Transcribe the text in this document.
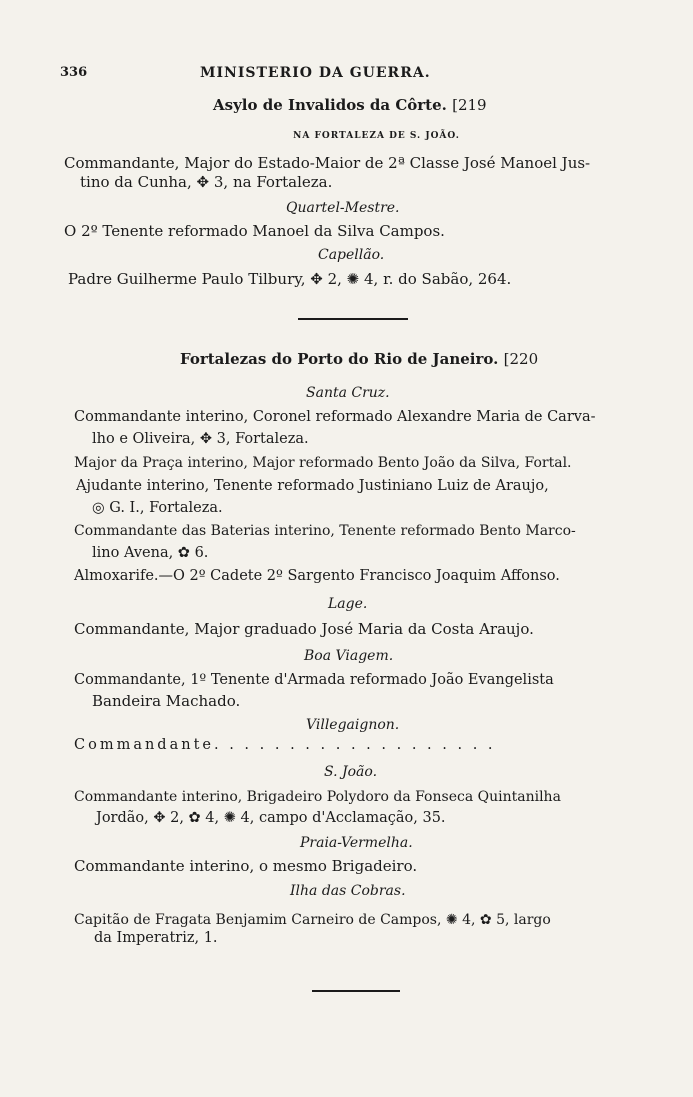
336	MINISTERIO DA GUERRA.
Asylo de Invalidos da Côrte. [219
NA FORTALEZA DE S. JOÃO.
Commandante, Major do Estado-Maior de 2ª Classe José Manoel Jus-
tino da Cunha, ✥ 3, na Fortaleza.
Quartel-Mestre.
O 2º Tenente reformado Manoel da Silva Campos.
Capellão.
Padre Guilherme Paulo Tilbury, ✥ 2, ✺ 4, r. do Sabão, 264.
Fortalezas do Porto do Rio de Janeiro. [220
Santa Cruz.
Commandante interino, Coronel reformado Alexandre Maria de Carva-
lho e Oliveira, ✥ 3, Fortaleza.
Major da Praça interino, Major reformado Bento João da Silva, Fortal.
Ajudante interino, Tenente reformado Justiniano Luiz de Araujo,
◎ G. I., Fortaleza.
Commandante das Baterias interino, Tenente reformado Bento Marco-
lino Avena, ✿ 6.
Almoxarife.—O 2º Cadete 2º Sargento Francisco Joaquim Affonso.
Lage.
Commandante, Major graduado José Maria da Costa Araujo.
Boa Viagem.
Commandante, 1º Tenente d'Armada reformado João Evangelista
Bandeira Machado.
Villegaignon.
Commandante. . . . . . . . . . . . . . . . . . .
S. João.
Commandante interino, Brigadeiro Polydoro da Fonseca Quintanilha
Jordão, ✥ 2, ✿ 4, ✺ 4, campo d'Acclamação, 35.
Praia-Vermelha.
Commandante interino, o mesmo Brigadeiro.
Ilha das Cobras.
Capitão de Fragata Benjamim Carneiro de Campos, ✺ 4, ✿ 5, largo
da Imperatriz, 1.
